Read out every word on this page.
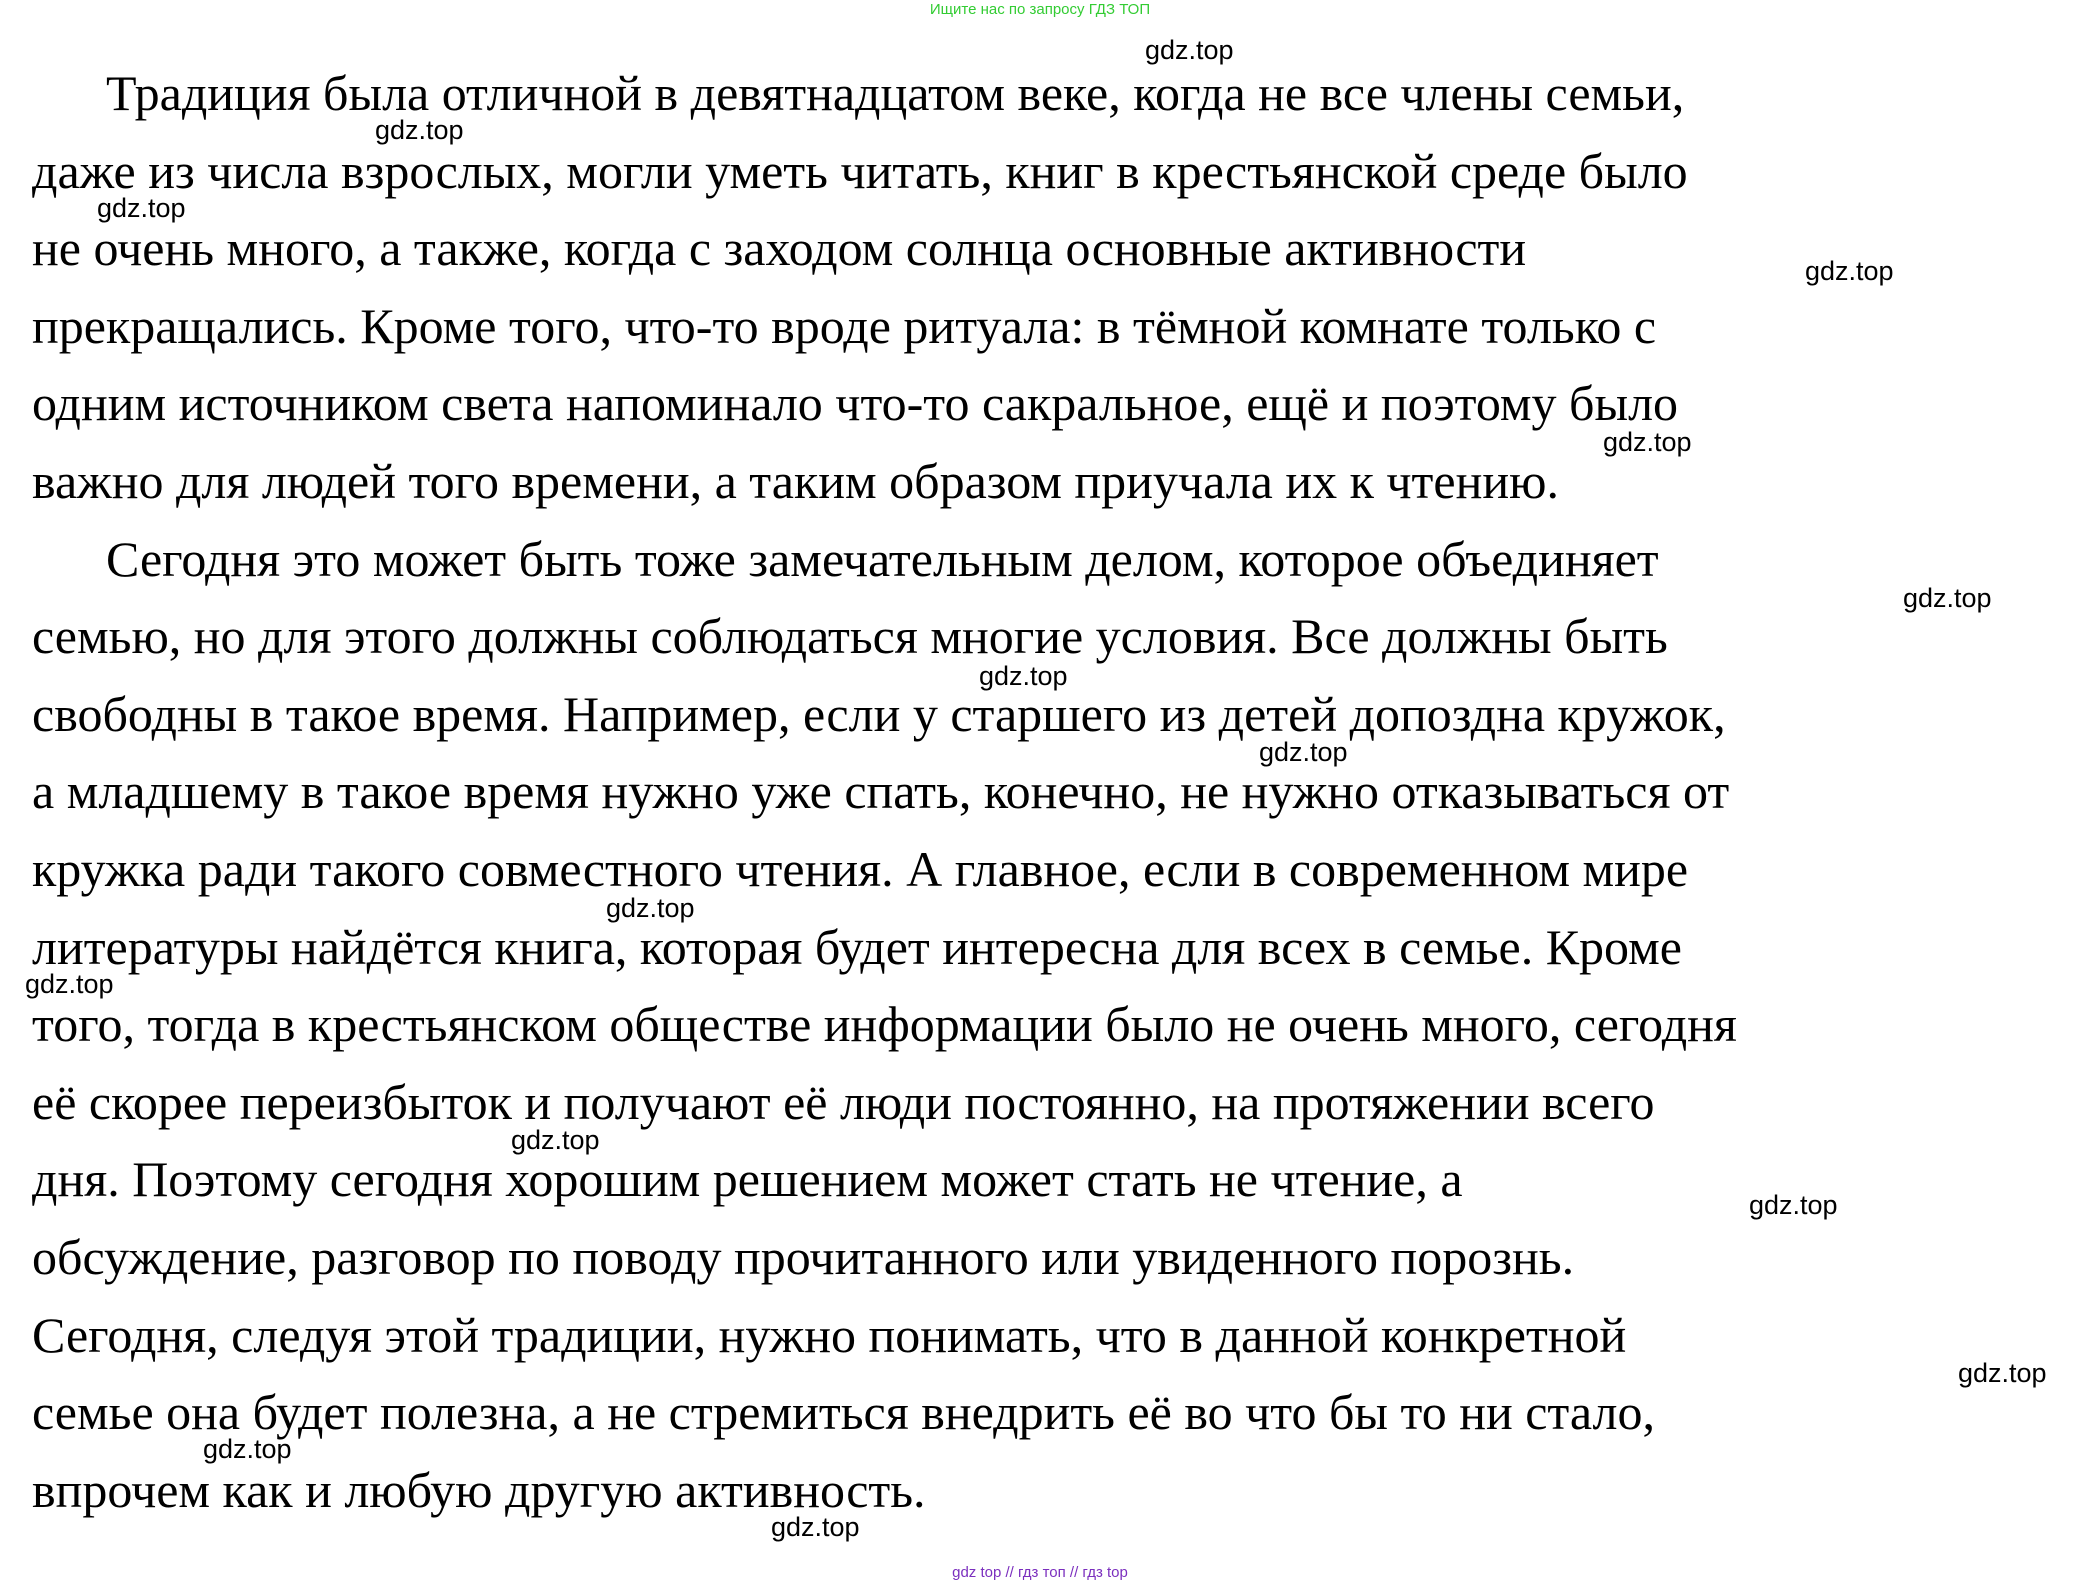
Ищите нас по запросу ГДЗ ТОП
Традиция была отличной в девятнадцатом веке, когда не все члены семьи,
даже из числа взрослых, могли уметь читать, книг в крестьянской среде было
не очень много, а также, когда с заходом солнца основные активности
прекращались. Кроме того, что-то вроде ритуала: в тёмной комнате только с
одним источником света напоминало что-то сакральное, ещё и поэтому было
важно для людей того времени, а таким образом приучала их к чтению.
Сегодня это может быть тоже замечательным делом, которое объединяет
семью, но для этого должны соблюдаться многие условия. Все должны быть
свободны в такое время. Например, если у старшего из детей допоздна кружок,
а младшему в такое время нужно уже спать, конечно, не нужно отказываться от
кружка ради такого совместного чтения. А главное, если в современном мире
литературы найдётся книга, которая будет интересна для всех в семье. Кроме
того, тогда в крестьянском обществе информации было не очень много, сегодня
её скорее переизбыток и получают её люди постоянно, на протяжении всего
дня. Поэтому сегодня хорошим решением может стать не чтение, а
обсуждение, разговор по поводу прочитанного или увиденного порознь.
Сегодня, следуя этой традиции, нужно понимать, что в данной конкретной
семье она будет полезна, а не стремиться внедрить её во что бы то ни стало,
впрочем как и любую другую активность.
gdz.top
gdz.top
gdz.top
gdz.top
gdz.top
gdz.top
gdz.top
gdz.top
gdz.top
gdz.top
gdz.top
gdz.top
gdz.top
gdz.top
gdz.top
gdz top // гдз топ // гдз top
